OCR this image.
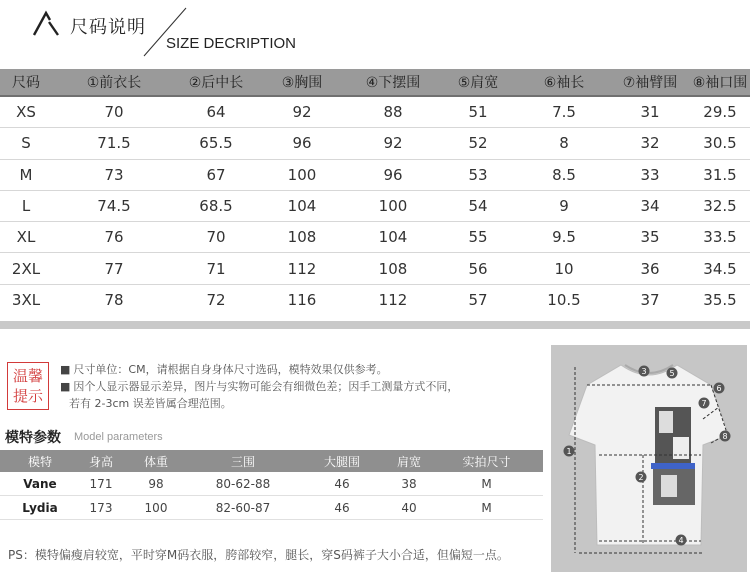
尺码说明
SIZE DECRIPTION
尺码	①前衣长	②后中长	③胸围	④下摆围	⑤肩宽	⑥袖长	⑦袖臂围	⑧袖口围
XS	70	64	92	88	51	7.5	31	29.5
S	71.5	65.5	96	92	52	8	32	30.5
M	73	67	100	96	53	8.5	33	31.5
L	74.5	68.5	104	100	54	9	34	32.5
XL	76	70	108	104	55	9.5	35	33.5
2XL	77	71	112	108	56	10	36	34.5
3XL	78	72	116	112	57	10.5	37	35.5
温馨
提示
■ 尺寸单位：CM，请根据自身身体尺寸选码，模特效果仅供参考。
■ 因个人显示器显示差异，图片与实物可能会有细微色差；因手工测量方式不同，
若有 2-3cm 误差皆属合理范围。
模特参数 Model parameters
模特	身高	体重	三围	大腿围	肩宽	实拍尺寸
Vane	171	98	80-62-88	46	38	M
Lydia	173	100	82-60-87	46	40	M
PS：模特偏瘦肩较宽，平时穿M码衣服，胯部较窄，腿长，穿S码裤子大小合适，但偏短一点。
1
2
3
4
5
6
7
8
